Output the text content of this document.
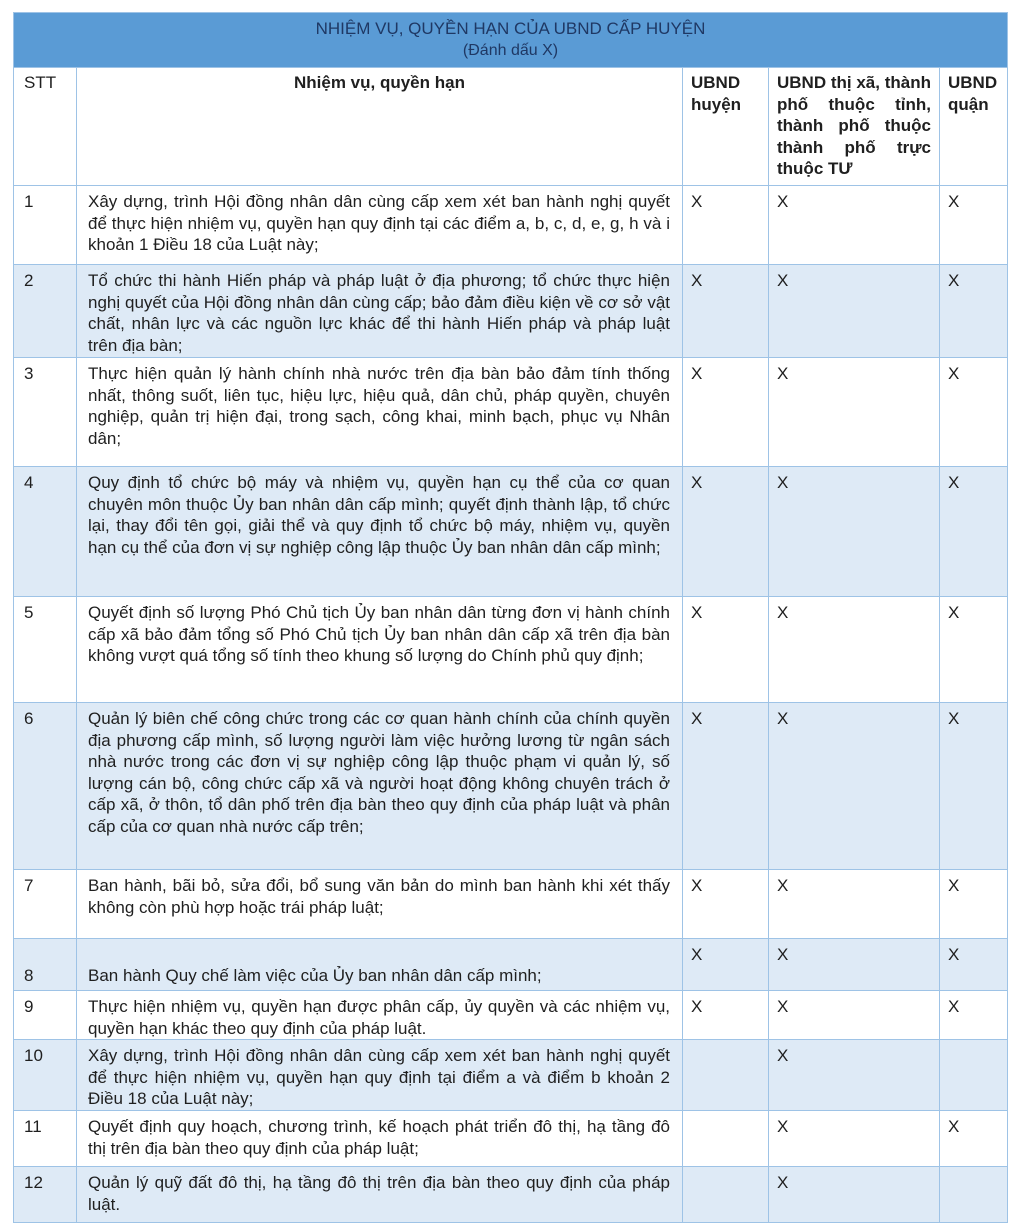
NHIỆM VỤ, QUYỀN HẠN CỦA UBND CẤP HUYỆN
(Đánh dấu X)				

STT	Nhiệm vụ, quyền hạn	UBND huyện	UBND thị xã, thành phố thuộc tỉnh, thành phố thuộc thành phố trực thuộc TƯ	UBND quận
1	Xây dựng, trình Hội đồng nhân dân cùng cấp xem xét ban hành nghị quyết để thực hiện nhiệm vụ, quyền hạn quy định tại các điểm a, b, c, d, e, g, h và i khoản 1 Điều 18 của Luật này;	X	X	X
2	Tổ chức thi hành Hiến pháp và pháp luật ở địa phương; tổ chức thực hiện nghị quyết của Hội đồng nhân dân cùng cấp; bảo đảm điều kiện về cơ sở vật chất, nhân lực và các nguồn lực khác để thi hành Hiến pháp và pháp luật trên địa bàn;	X	X	X
3	Thực hiện quản lý hành chính nhà nước trên địa bàn bảo đảm tính thống nhất, thông suốt, liên tục, hiệu lực, hiệu quả, dân chủ, pháp quyền, chuyên nghiệp, quản trị hiện đại, trong sạch, công khai, minh bạch, phục vụ Nhân dân;	X	X	X
4	Quy định tổ chức bộ máy và nhiệm vụ, quyền hạn cụ thể của cơ quan chuyên môn thuộc Ủy ban nhân dân cấp mình; quyết định thành lập, tổ chức lại, thay đổi tên gọi, giải thể và quy định tổ chức bộ máy, nhiệm vụ, quyền hạn cụ thể của đơn vị sự nghiệp công lập thuộc Ủy ban nhân dân cấp mình;	X	X	X
5	Quyết định số lượng Phó Chủ tịch Ủy ban nhân dân từng đơn vị hành chính cấp xã bảo đảm tổng số Phó Chủ tịch Ủy ban nhân dân cấp xã trên địa bàn không vượt quá tổng số tính theo khung số lượng do Chính phủ quy định;	X	X	X
6	Quản lý biên chế công chức trong các cơ quan hành chính của chính quyền địa phương cấp mình, số lượng người làm việc hưởng lương từ ngân sách nhà nước trong các đơn vị sự nghiệp công lập thuộc phạm vi quản lý, số lượng cán bộ, công chức cấp xã và người hoạt động không chuyên trách ở cấp xã, ở thôn, tổ dân phố trên địa bàn theo quy định của pháp luật và phân cấp của cơ quan nhà nước cấp trên;	X	X	X
7	Ban hành, bãi bỏ, sửa đổi, bổ sung văn bản do mình ban hành khi xét thấy không còn phù hợp hoặc trái pháp luật;	X	X	X
8	Ban hành Quy chế làm việc của Ủy ban nhân dân cấp mình;	X	X	X
9	Thực hiện nhiệm vụ, quyền hạn được phân cấp, ủy quyền và các nhiệm vụ, quyền hạn khác theo quy định của pháp luật.	X	X	X
10	Xây dựng, trình Hội đồng nhân dân cùng cấp xem xét ban hành nghị quyết để thực hiện nhiệm vụ, quyền hạn quy định tại điểm a và điểm b khoản 2 Điều 18 của Luật này;		X	
11	Quyết định quy hoạch, chương trình, kế hoạch phát triển đô thị, hạ tầng đô thị trên địa bàn theo quy định của pháp luật;		X	X
12	Quản lý quỹ đất đô thị, hạ tầng đô thị trên địa bàn theo quy định của pháp luật.		X	
